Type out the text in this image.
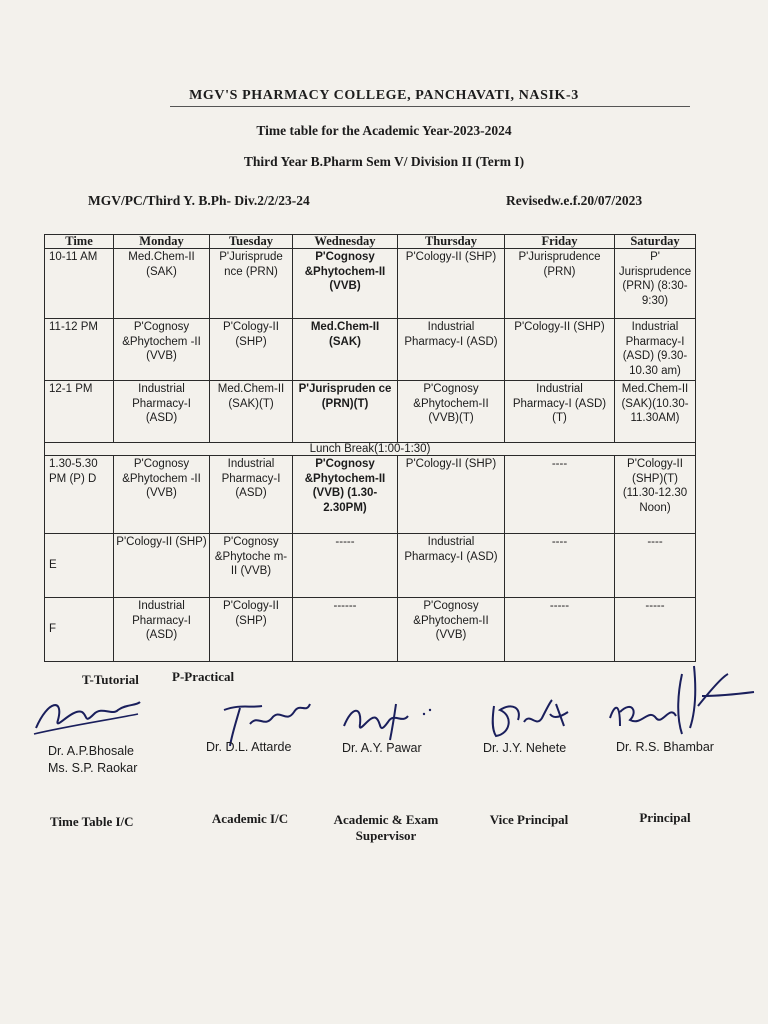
MGV'S PHARMACY COLLEGE, PANCHAVATI, NASIK-3
Time table for the Academic Year-2023-2024
Third Year B.Pharm Sem V/ Division II (Term I)
MGV/PC/Third Y. B.Ph- Div.2/2/23-24	Revisedw.e.f.20/07/2023
Time	Monday	Tuesday	Wednesday	Thursday	Friday	Saturday
10-11 AM	Med.Chem-II (SAK)	P'Jurisprude nce (PRN)	P'Cognosy &Phytochem-II (VVB)	P'Cology-II (SHP)	P'Jurisprudence (PRN)	P' Jurisprudence (PRN) (8:30-9:30)
11-12 PM	P'Cognosy &Phytochem -II (VVB)	P'Cology-II (SHP)	Med.Chem-II (SAK)	Industrial Pharmacy-I (ASD)	P'Cology-II (SHP)	Industrial Pharmacy-I (ASD) (9.30-10.30 am)
12-1 PM	Industrial Pharmacy-I (ASD)	Med.Chem-II (SAK)(T)	P'Jurispruden ce (PRN)(T)	P'Cognosy &Phytochem-II (VVB)(T)	Industrial Pharmacy-I (ASD)(T)	Med.Chem-II (SAK)(10.30-11.30AM)
Lunch Break(1:00-1:30)						
1.30-5.30 PM (P) D	P'Cognosy &Phytochem -II (VVB)	Industrial Pharmacy-I (ASD)	P'Cognosy &Phytochem-II (VVB) (1.30-2.30PM)	P'Cology-II (SHP)	----	P'Cology-II (SHP)(T) (11.30-12.30 Noon)
E	P'Cology-II (SHP)	P'Cognosy &Phytoche m-II (VVB)	-----	Industrial Pharmacy-I (ASD)	----	----
F	Industrial Pharmacy-I (ASD)	P'Cology-II (SHP)	------	P'Cognosy &Phytochem-II (VVB)	-----	-----
T-Tutorial	P-Practical
Dr. A.P.Bhosale
Ms. S.P. Raokar
Dr. D.L. Attarde	Dr. A.Y. Pawar	Dr. J.Y. Nehete	Dr. R.S. Bhambar
Time Table I/C	Academic I/C	Academic & Exam
Supervisor
Vice Principal	Principal
